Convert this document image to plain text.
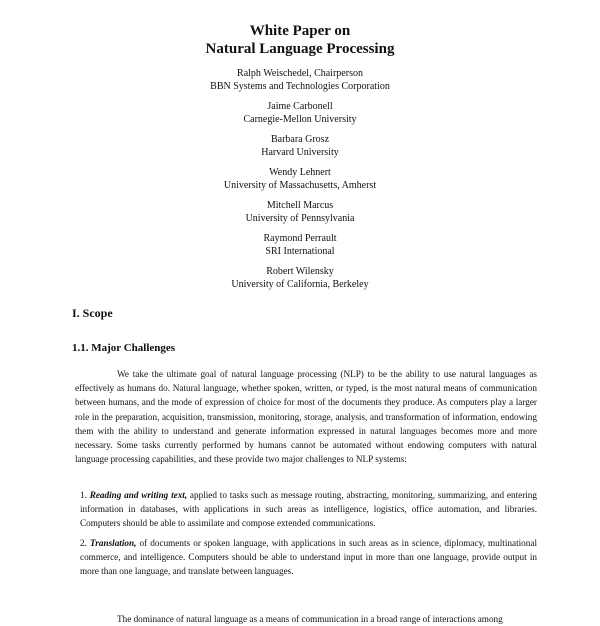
White Paper on
Natural Language Processing
Ralph Weischedel, Chairperson
BBN Systems and Technologies Corporation
Jaime Carbonell
Carnegie-Mellon University
Barbara Grosz
Harvard University
Wendy Lehnert
University of Massachusetts, Amherst
Mitchell Marcus
University of Pennsylvania
Raymond Perrault
SRI International
Robert Wilensky
University of California, Berkeley
I. Scope
1.1. Major Challenges

We take the ultimate goal of natural language processing (NLP) to be the ability to use natural languages as effectively as humans do. Natural language, whether spoken, written, or typed, is the most natural means of communication between humans, and the mode of expression of choice for most of the documents they produce. As computers play a larger role in the preparation, acquisition, transmission, monitoring, storage, analysis, and transformation of information, endowing them with the ability to understand and generate information expressed in natural languages becomes more and more necessary. Some tasks currently performed by humans cannot be automated without endowing computers with natural language processing capabilities, and these provide two major challenges to NLP systems:

1. Reading and writing text, applied to tasks such as message routing, abstracting, monitoring, summarizing, and entering information in databases, with applications in such areas as intelligence, logistics, office automation, and libraries. Computers should be able to assimilate and compose extended communications.

2. Translation, of documents or spoken language, with applications in such areas as in science, diplomacy, multinational commerce, and intelligence. Computers should be able to understand input in more than one language, provide output in more than one language, and translate between languages.

The dominance of natural language as a means of communication in a broad range of interactions among
